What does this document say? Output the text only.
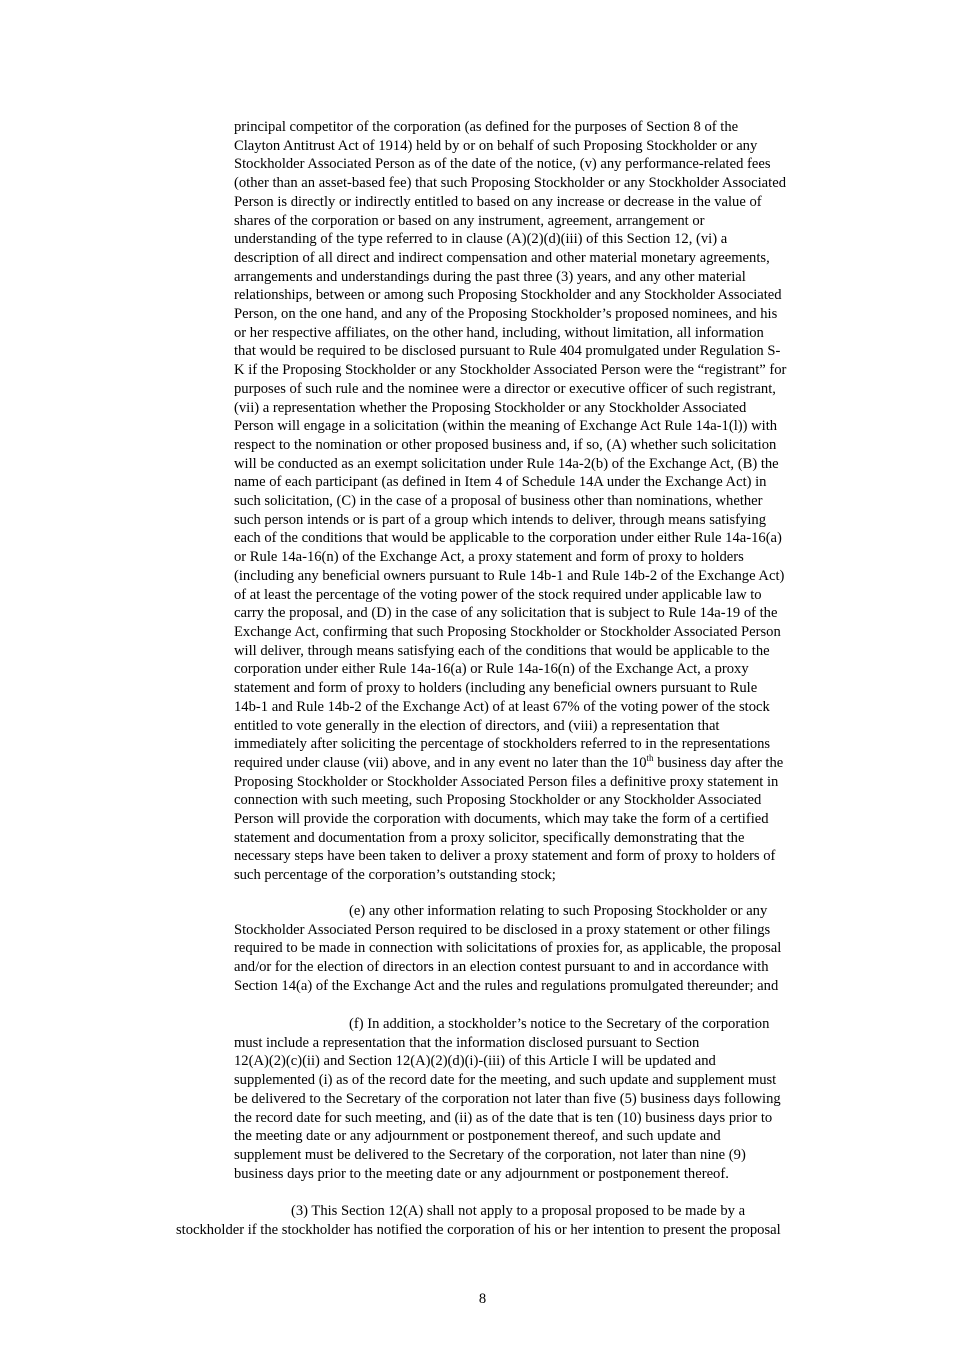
principal competitor of the corporation (as defined for the purposes of Section 8 of the
Clayton Antitrust Act of 1914) held by or on behalf of such Proposing Stockholder or any
Stockholder Associated Person as of the date of the notice, (v) any performance-related fees
(other than an asset-based fee) that such Proposing Stockholder or any Stockholder Associated
Person is directly or indirectly entitled to based on any increase or decrease in the value of
shares of the corporation or based on any instrument, agreement, arrangement or
understanding of the type referred to in clause (A)(2)(d)(iii) of this Section 12, (vi) a
description of all direct and indirect compensation and other material monetary agreements,
arrangements and understandings during the past three (3) years, and any other material
relationships, between or among such Proposing Stockholder and any Stockholder Associated
Person, on the one hand, and any of the Proposing Stockholder’s proposed nominees, and his
or her respective affiliates, on the other hand, including, without limitation, all information
that would be required to be disclosed pursuant to Rule 404 promulgated under Regulation S-
K if the Proposing Stockholder or any Stockholder Associated Person were the “registrant” for
purposes of such rule and the nominee were a director or executive officer of such registrant,
(vii) a representation whether the Proposing Stockholder or any Stockholder Associated
Person will engage in a solicitation (within the meaning of Exchange Act Rule 14a-1(l)) with
respect to the nomination or other proposed business and, if so, (A) whether such solicitation
will be conducted as an exempt solicitation under Rule 14a-2(b) of the Exchange Act, (B) the
name of each participant (as defined in Item 4 of Schedule 14A under the Exchange Act) in
such solicitation, (C) in the case of a proposal of business other than nominations, whether
such person intends or is part of a group which intends to deliver, through means satisfying
each of the conditions that would be applicable to the corporation under either Rule 14a-16(a)
or Rule 14a-16(n) of the Exchange Act, a proxy statement and form of proxy to holders
(including any beneficial owners pursuant to Rule 14b-1 and Rule 14b-2 of the Exchange Act)
of at least the percentage of the voting power of the stock required under applicable law to
carry the proposal, and (D) in the case of any solicitation that is subject to Rule 14a-19 of the
Exchange Act, confirming that such Proposing Stockholder or Stockholder Associated Person
will deliver, through means satisfying each of the conditions that would be applicable to the
corporation under either Rule 14a-16(a) or Rule 14a-16(n) of the Exchange Act, a proxy
statement and form of proxy to holders (including any beneficial owners pursuant to Rule
14b-1 and Rule 14b-2 of the Exchange Act) of at least 67% of the voting power of the stock
entitled to vote generally in the election of directors, and (viii) a representation that
immediately after soliciting the percentage of stockholders referred to in the representations
required under clause (vii) above, and in any event no later than the 10th business day after the
Proposing Stockholder or Stockholder Associated Person files a definitive proxy statement in
connection with such meeting, such Proposing Stockholder or any Stockholder Associated
Person will provide the corporation with documents, which may take the form of a certified
statement and documentation from a proxy solicitor, specifically demonstrating that the
necessary steps have been taken to deliver a proxy statement and form of proxy to holders of
such percentage of the corporation’s outstanding stock;
(e) any other information relating to such Proposing Stockholder or any
Stockholder Associated Person required to be disclosed in a proxy statement or other filings
required to be made in connection with solicitations of proxies for, as applicable, the proposal
and/or for the election of directors in an election contest pursuant to and in accordance with
Section 14(a) of the Exchange Act and the rules and regulations promulgated thereunder; and
(f) In addition, a stockholder’s notice to the Secretary of the corporation
must include a representation that the information disclosed pursuant to Section
12(A)(2)(c)(ii) and Section 12(A)(2)(d)(i)-(iii) of this Article I will be updated and
supplemented (i) as of the record date for the meeting, and such update and supplement must
be delivered to the Secretary of the corporation not later than five (5) business days following
the record date for such meeting, and (ii) as of the date that is ten (10) business days prior to
the meeting date or any adjournment or postponement thereof, and such update and
supplement must be delivered to the Secretary of the corporation, not later than nine (9)
business days prior to the meeting date or any adjournment or postponement thereof.
(3) This Section 12(A) shall not apply to a proposal proposed to be made by a
stockholder if the stockholder has notified the corporation of his or her intention to present the proposal
8
